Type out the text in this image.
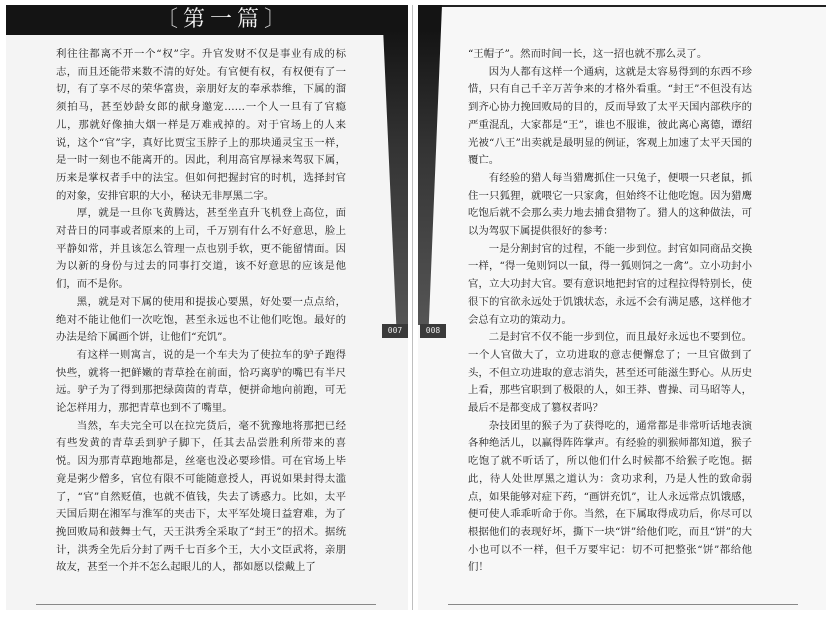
〔第一篇〕
007	008

利往往都离不开一个“权”字。升官发财不仅是事业有成的标志，而且还能带来数不清的好处。有官便有权，有权便有了一切，有了享不尽的荣华富贵，亲朋好友的奉承恭维，下属的溜须拍马，甚至妙龄女郎的献身邀宠……一个人一旦有了官瘾儿，那就好像抽大烟一样是万难戒掉的。对于官场上的人来说，这个“官”字，真好比贾宝玉脖子上的那块通灵宝玉一样，是一时一刻也不能离开的。因此，利用高官厚禄来驾驭下属，历来是掌权者手中的法宝。但如何把握封官的时机，选择封官的对象，安排官职的大小，秘诀无非厚黑二字。

厚，就是一旦你飞黄腾达，甚至坐直升飞机登上高位，面对昔日的同事或者原来的上司，千万别有什么不好意思，脸上平静如常，并且该怎么管理一点也别手软，更不能留情面。因为以新的身份与过去的同事打交道，该不好意思的应该是他们，而不是你。

黑，就是对下属的使用和提拔心要黑，好处要一点点给，绝对不能让他们一次吃饱，甚至永远也不让他们吃饱。最好的办法是给下属画个饼，让他们“充饥”。

有这样一则寓言，说的是一个车夫为了使拉车的驴子跑得快些，就将一把鲜嫩的青草拴在前面，恰巧离驴的嘴巴有半尺远。驴子为了得到那把绿茵茵的青草，便拼命地向前跑，可无论怎样用力，那把青草也到不了嘴里。

当然，车夫完全可以在拉完货后，毫不犹豫地将那把已经有些发黄的青草丢到驴子脚下，任其去品尝胜利所带来的喜悦。因为那青草跑地都是，丝毫也没必要珍惜。可在官场上毕竟是粥少僧多，官位有限不可能随意授人，再说如果封得太滥了，“官”自然贬值，也就不值钱，失去了诱惑力。比如，太平天国后期在湘军与淮军的夹击下，太平军处境日益窘难，为了挽回败局和鼓舞士气，天王洪秀全采取了“封王”的招术。据统计，洪秀全先后分封了两千七百多个王，大小文臣武将，亲朋故友，甚至一个并不怎么起眼儿的人，都如愿以偿戴上了

“王帽子”。然而时间一长，这一招也就不那么灵了。

因为人都有这样一个通病，这就是太容易得到的东西不珍惜，只有自己千辛万苦争来的才格外看重。“封王”不但没有达到齐心协力挽回败局的目的，反而导致了太平天国内部秩序的严重混乱，大家都是“王”，谁也不服谁，彼此离心离德，谭绍光被“八王”出卖就是最明显的例证，客观上加速了太平天国的覆亡。

有经验的猎人每当猎鹰抓住一只兔子，便喂一只老鼠，抓住一只狐狸，就喂它一只家禽，但始终不让他吃饱。因为猎鹰吃饱后就不会那么卖力地去捕食猎物了。猎人的这种做法，可以为驾驭下属提供很好的参考：

一是分割封官的过程，不能一步到位。封官如同商品交换一样，“得一兔则饲以一鼠，得一狐则饲之一禽”。立小功封小官，立大功封大官。要有意识地把封官的过程拉得特别长，使很下的官欲永远处于饥饿状态，永远不会有满足感，这样他才会总有立功的策动力。

二是封官不仅不能一步到位，而且最好永远也不要到位。一个人官做大了，立功进取的意志便懈怠了；一旦官做到了头，不但立功进取的意志消失，甚至还可能滋生野心。从历史上看，那些官职到了极限的人，如王莽、曹操、司马昭等人，最后不是都变成了篡权者吗？

杂技团里的猴子为了获得吃的，通常都是非常听话地表演各种绝活儿，以赢得阵阵掌声。有经验的驯猴师都知道，猴子吃饱了就不听话了，所以他们什么时候都不给猴子吃饱。据此，待人处世厚黑之道认为：贪功求利，乃是人性的致命弱点，如果能够对症下药，“画饼充饥”，让人永远常点饥饿感，便可使人乖乖听命于你。当然，在下属取得成功后，你尽可以根据他们的表现好坏，撕下一块“饼”给他们吃，而且“饼”的大小也可以不一样，但千万要牢记：切不可把整张“饼”都给他们！
